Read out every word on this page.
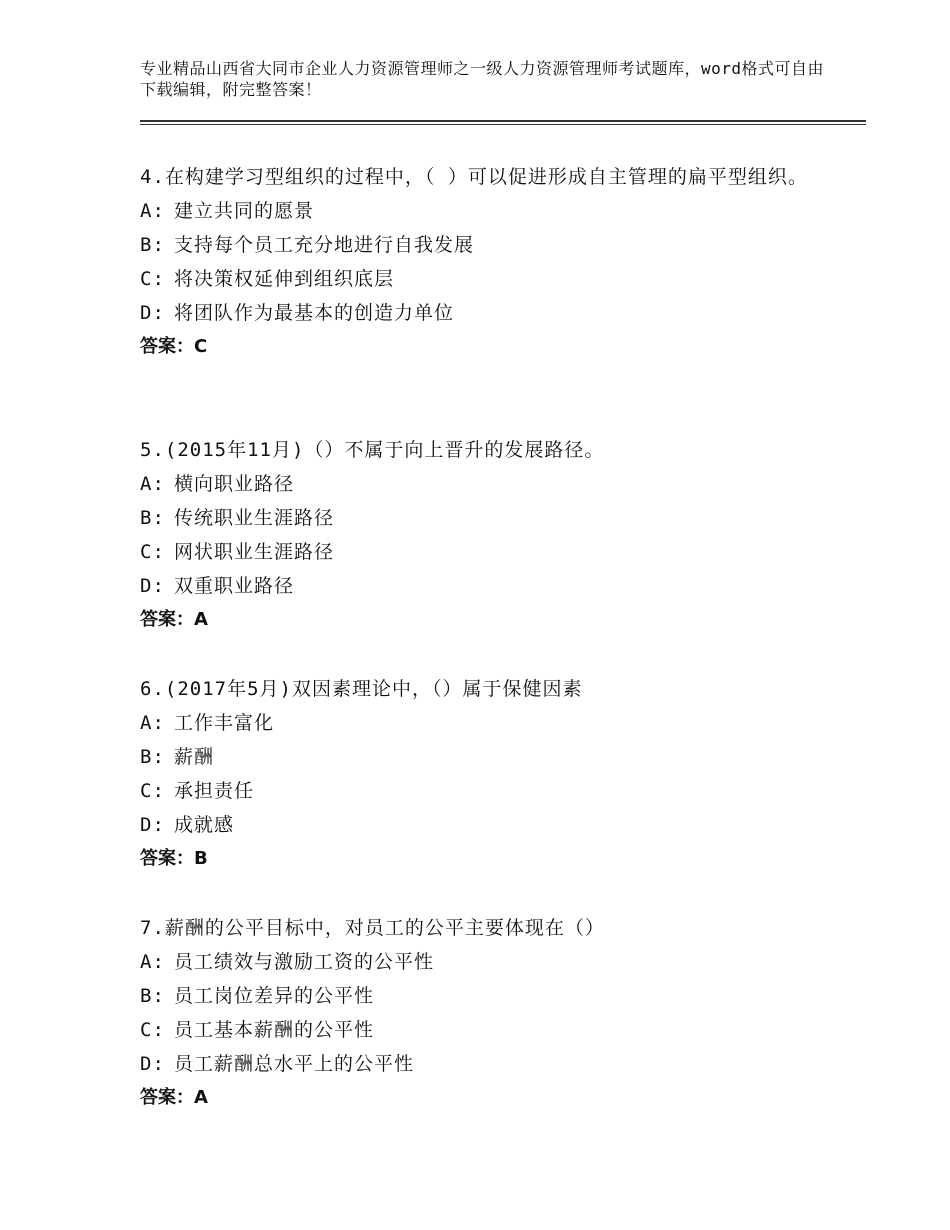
专业精品山西省大同市企业人力资源管理师之一级人力资源管理师考试题库，word格式可自由下载编辑，附完整答案！

4.在构建学习型组织的过程中，（ ）可以促进形成自主管理的扁平型组织。

A: 建立共同的愿景

B: 支持每个员工充分地进行自我发展

C: 将决策权延伸到组织底层

D: 将团队作为最基本的创造力单位

答案：C

5.(2015年11月)（）不属于向上晋升的发展路径。

A: 横向职业路径

B: 传统职业生涯路径

C: 网状职业生涯路径

D: 双重职业路径

答案：A

6.(2017年5月)双因素理论中，（）属于保健因素

A: 工作丰富化

B: 薪酬

C: 承担责任

D: 成就感

答案：B

7.薪酬的公平目标中，对员工的公平主要体现在（）

A: 员工绩效与激励工资的公平性

B: 员工岗位差异的公平性

C: 员工基本薪酬的公平性

D: 员工薪酬总水平上的公平性

答案：A
